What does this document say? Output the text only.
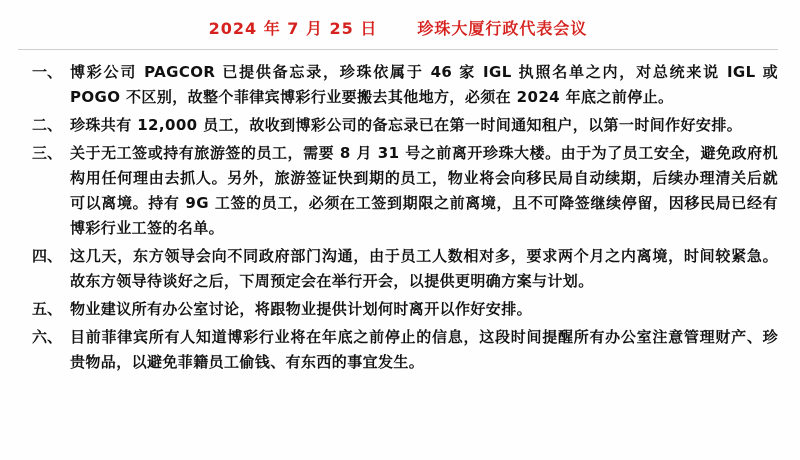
2024 年 7 月 25 日	珍珠大厦行政代表会议
一、 博彩公司 PAGCOR 已提供备忘录，珍珠依属于 46 家 IGL 执照名单之内，对总统来说 IGL 或 POGO 不区别，故整个菲律宾博彩行业要搬去其他地方，必须在 2024 年底之前停止。
二、 珍珠共有 12,000 员工，故收到博彩公司的备忘录已在第一时间通知租户，以第一时间作好安排。
三、 关于无工签或持有旅游签的员工，需要 8 月 31 号之前离开珍珠大楼。由于为了员工安全，避免政府机构用任何理由去抓人。另外，旅游签证快到期的员工，物业将会向移民局自动续期，后续办理清关后就可以离境。持有 9G 工签的员工，必须在工签到期限之前离境，且不可降签继续停留，因移民局已经有博彩行业工签的名单。
四、 这几天，东方领导会向不同政府部门沟通，由于员工人数相对多，要求两个月之内离境，时间较紧急。故东方领导待谈好之后，下周预定会在举行开会，以提供更明确方案与计划。
五、 物业建议所有办公室讨论，将跟物业提供计划何时离开以作好安排。
六、 目前菲律宾所有人知道博彩行业将在年底之前停止的信息，这段时间提醒所有办公室注意管理财产、珍贵物品，以避免菲籍员工偷钱、有东西的事宜发生。
